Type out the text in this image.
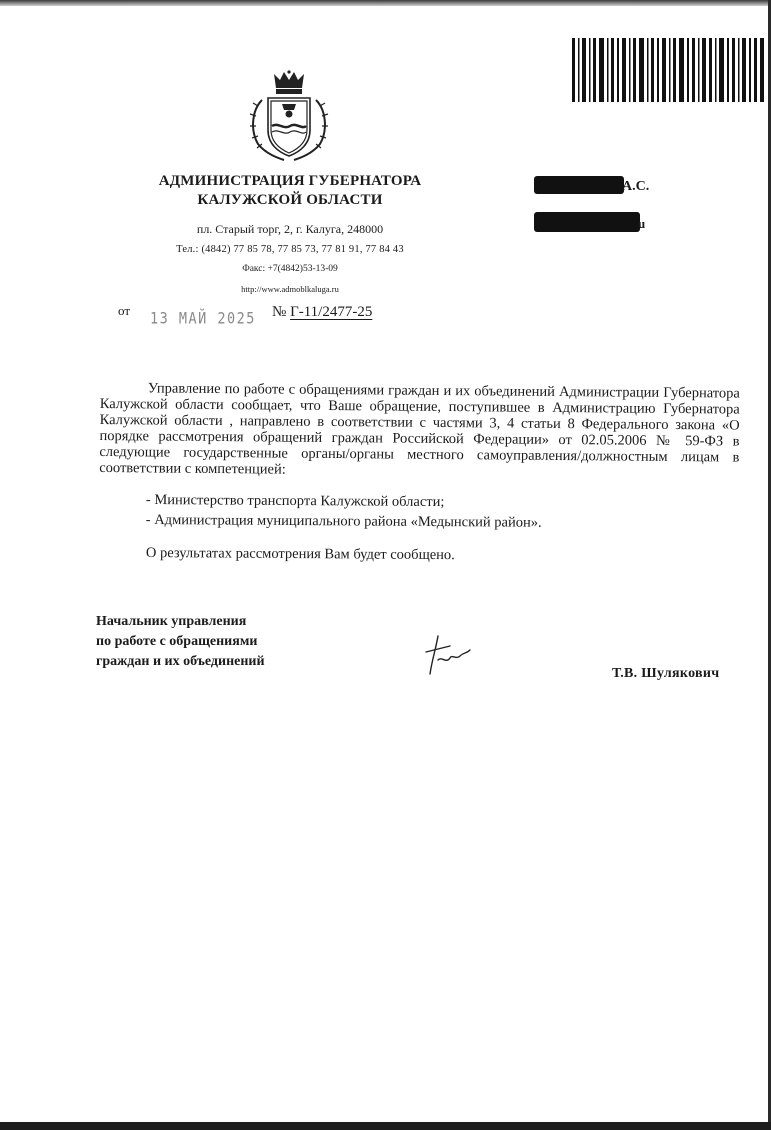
АДМИНИСТРАЦИЯ ГУБЕРНАТОРА
КАЛУЖСКОЙ ОБЛАСТИ
пл. Старый торг, 2, г. Калуга, 248000
Тел.: (4842) 77 85 78, 77 85 73, 77 81 91, 77 84 43
Факс: +7(4842)53-13-09
http://www.admoblkaluga.ru
от 13 МАЙ 2025 № Г-11/2477-25
А.С.
u
Управление по работе с обращениями граждан и их объединений Администрации Губернатора Калужской области сообщает, что Ваше обращение, поступившее в Администрацию Губернатора Калужской области , направлено в соответствии с частями 3, 4 статьи 8 Федерального закона «О порядке рассмотрения обращений граждан Российской Федерации» от 02.05.2006 № 59-ФЗ в следующие государственные органы/органы местного самоуправления/должностным лицам в соответствии с компетенцией:
- Министерство транспорта Калужской области;
- Администрация муниципального района «Медынский район».
О результатах рассмотрения Вам будет сообщено.
Начальник управления
по работе с обращениями
граждан и их объединений
Т.В. Шулякович
